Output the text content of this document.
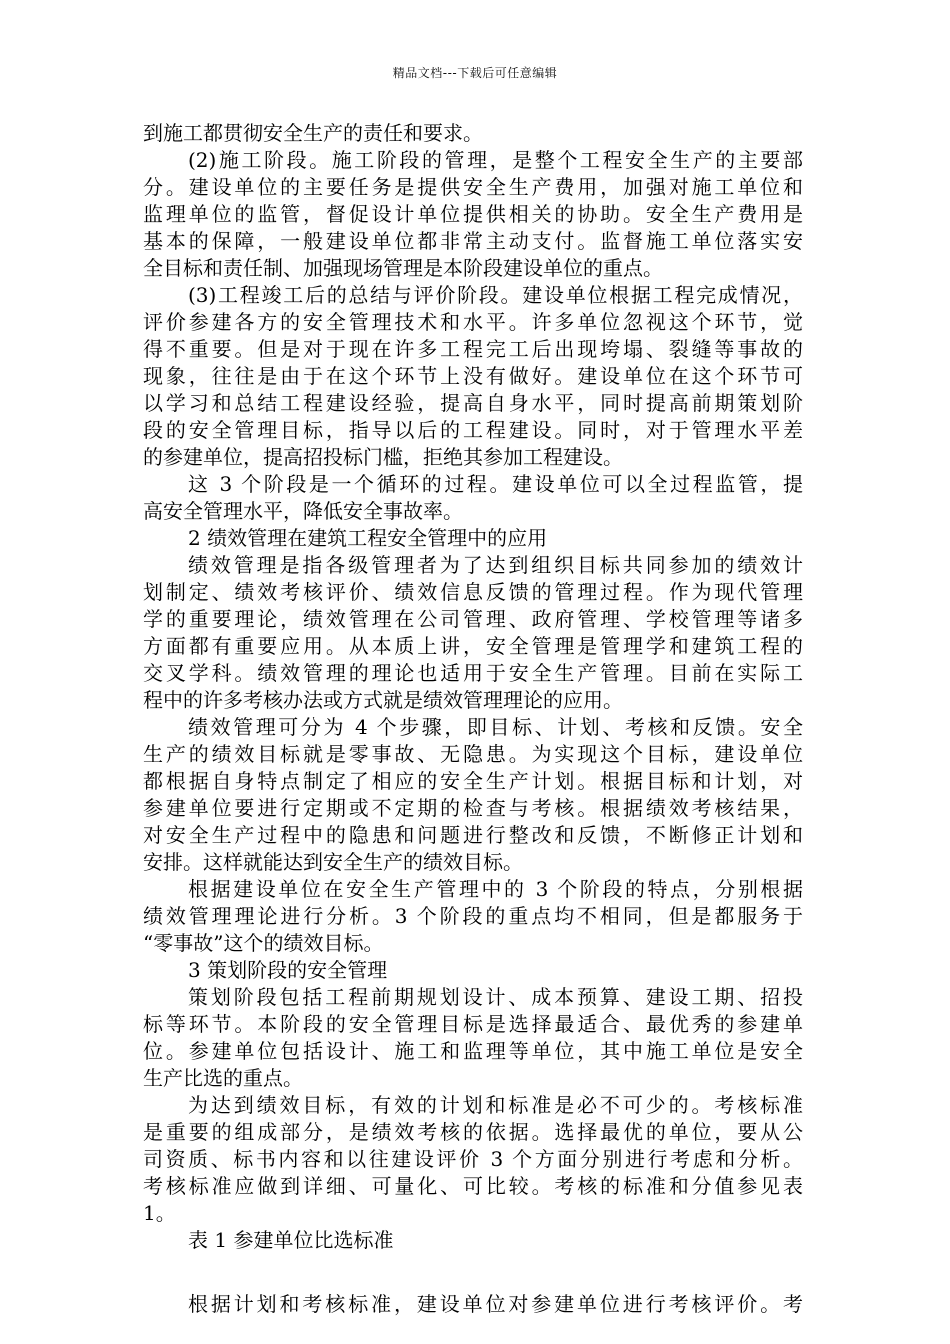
精品文档---下载后可任意编辑
到施工都贯彻安全生产的责任和要求。
(2)施工阶段。施工阶段的管理，是整个工程安全生产的主要部
分。建设单位的主要任务是提供安全生产费用，加强对施工单位和
监理单位的监管，督促设计单位提供相关的协助。安全生产费用是
基本的保障，一般建设单位都非常主动支付。监督施工单位落实安
全目标和责任制、加强现场管理是本阶段建设单位的重点。
(3)工程竣工后的总结与评价阶段。建设单位根据工程完成情况，
评价参建各方的安全管理技术和水平。许多单位忽视这个环节，觉
得不重要。但是对于现在许多工程完工后出现垮塌、裂缝等事故的
现象，往往是由于在这个环节上没有做好。建设单位在这个环节可
以学习和总结工程建设经验，提高自身水平，同时提高前期策划阶
段的安全管理目标，指导以后的工程建设。同时，对于管理水平差
的参建单位，提高招投标门槛，拒绝其参加工程建设。
这 3 个阶段是一个循环的过程。建设单位可以全过程监管，提
高安全管理水平，降低安全事故率。
2 绩效管理在建筑工程安全管理中的应用
绩效管理是指各级管理者为了达到组织目标共同参加的绩效计
划制定、绩效考核评价、绩效信息反馈的管理过程。作为现代管理
学的重要理论，绩效管理在公司管理、政府管理、学校管理等诸多
方面都有重要应用。从本质上讲，安全管理是管理学和建筑工程的
交叉学科。绩效管理的理论也适用于安全生产管理。目前在实际工
程中的许多考核办法或方式就是绩效管理理论的应用。
绩效管理可分为 4 个步骤，即目标、计划、考核和反馈。安全
生产的绩效目标就是零事故、无隐患。为实现这个目标，建设单位
都根据自身特点制定了相应的安全生产计划。根据目标和计划，对
参建单位要进行定期或不定期的检查与考核。根据绩效考核结果，
对安全生产过程中的隐患和问题进行整改和反馈，不断修正计划和
安排。这样就能达到安全生产的绩效目标。
根据建设单位在安全生产管理中的 3 个阶段的特点，分别根据
绩效管理理论进行分析。3 个阶段的重点均不相同，但是都服务于
“零事故”这个的绩效目标。
3 策划阶段的安全管理
策划阶段包括工程前期规划设计、成本预算、建设工期、招投
标等环节。本阶段的安全管理目标是选择最适合、最优秀的参建单
位。参建单位包括设计、施工和监理等单位，其中施工单位是安全
生产比选的重点。
为达到绩效目标，有效的计划和标准是必不可少的。考核标准
是重要的组成部分，是绩效考核的依据。选择最优的单位，要从公
司资质、标书内容和以往建设评价 3 个方面分别进行考虑和分析。
考核标准应做到详细、可量化、可比较。考核的标准和分值参见表
1。
表 1 参建单位比选标准
根据计划和考核标准，建设单位对参建单位进行考核评价。考
